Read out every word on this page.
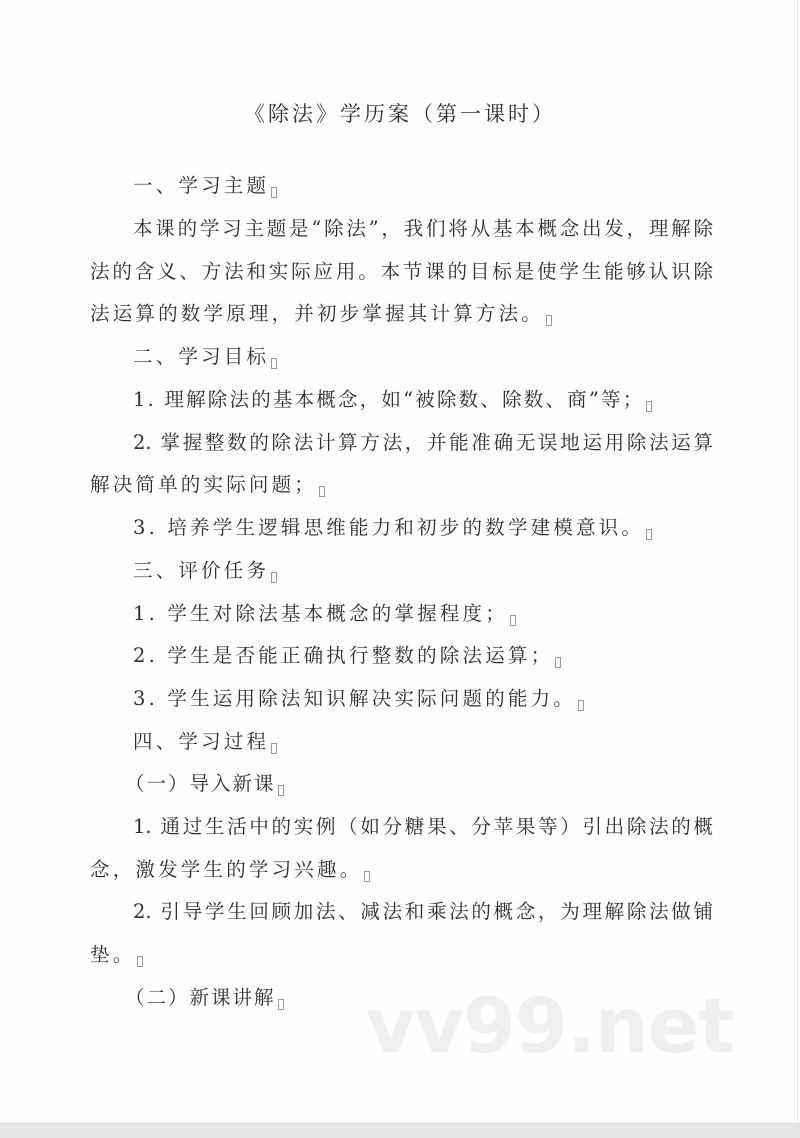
《除法》学历案（第一课时）
一、学习主题
本课的学习主题是“除法”，我们将从基本概念出发，理解除
法的含义、方法和实际应用。本节课的目标是使学生能够认识除
法运算的数学原理，并初步掌握其计算方法。
二、学习目标
1. 理解除法的基本概念，如“被除数、除数、商”等；
2. 掌握整数的除法计算方法，并能准确无误地运用除法运算
解决简单的实际问题；
3. 培养学生逻辑思维能力和初步的数学建模意识。
三、评价任务
1. 学生对除法基本概念的掌握程度；
2. 学生是否能正确执行整数的除法运算；
3. 学生运用除法知识解决实际问题的能力。
四、学习过程
（一）导入新课
1. 通过生活中的实例（如分糖果、分苹果等）引出除法的概
念，激发学生的学习兴趣。
2. 引导学生回顾加法、减法和乘法的概念，为理解除法做铺
垫。
（二）新课讲解	vv99.net
